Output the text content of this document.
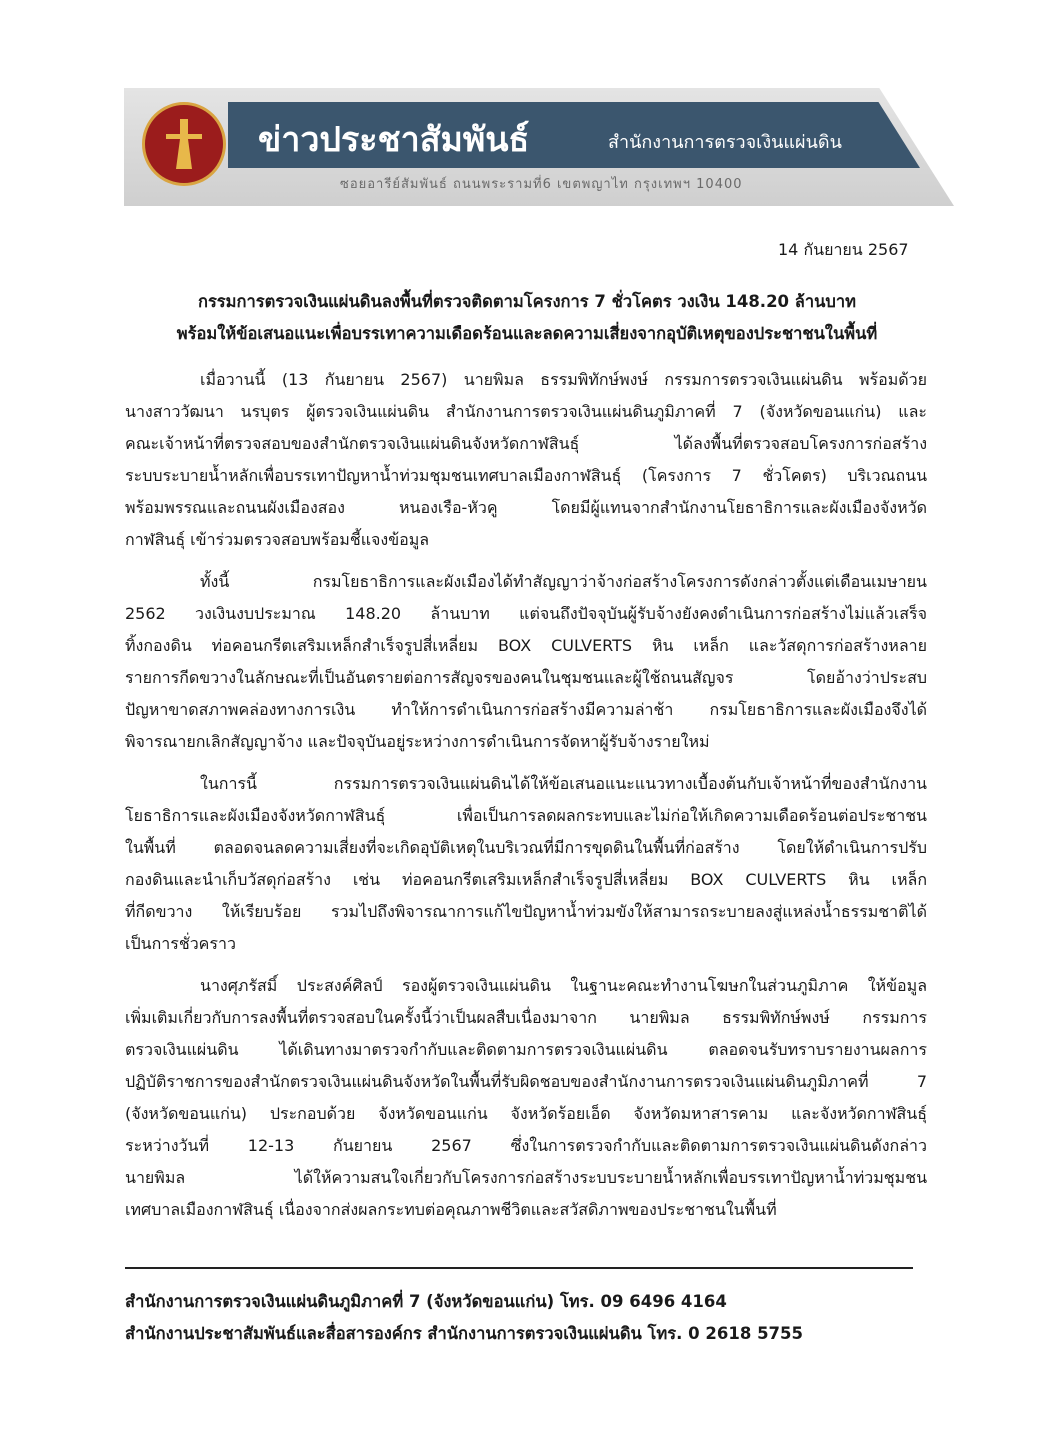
ข่าวประชาสัมพันธ์	สำนักงานการตรวจเงินแผ่นดิน
ซอยอารีย์สัมพันธ์ ถนนพระรามที่6 เขตพญาไท กรุงเทพฯ 10400
14 กันยายน 2567
กรรมการตรวจเงินแผ่นดินลงพื้นที่ตรวจติดตามโครงการ 7 ชั่วโคตร วงเงิน 148.20 ล้านบาท
พร้อมให้ข้อเสนอแนะเพื่อบรรเทาความเดือดร้อนและลดความเสี่ยงจากอุบัติเหตุของประชาชนในพื้นที่
เมื่อวานนี้ (13 กันยายน 2567) นายพิมล ธรรมพิทักษ์พงษ์ กรรมการตรวจเงินแผ่นดิน พร้อมด้วย
นางสาววัฒนา นรบุตร ผู้ตรวจเงินแผ่นดิน สำนักงานการตรวจเงินแผ่นดินภูมิภาคที่ 7 (จังหวัดขอนแก่น) และ
คณะเจ้าหน้าที่ตรวจสอบของสำนักตรวจเงินแผ่นดินจังหวัดกาฬสินธุ์ ได้ลงพื้นที่ตรวจสอบโครงการก่อสร้าง
ระบบระบายน้ำหลักเพื่อบรรเทาปัญหาน้ำท่วมชุมชนเทศบาลเมืองกาฬสินธุ์ (โครงการ 7 ชั่วโคตร) บริเวณถนน
พร้อมพรรณและถนนผังเมืองสอง หนองเรือ-หัวคู โดยมีผู้แทนจากสำนักงานโยธาธิการและผังเมืองจังหวัด
กาฬสินธุ์ เข้าร่วมตรวจสอบพร้อมชี้แจงข้อมูล
ทั้งนี้ กรมโยธาธิการและผังเมืองได้ทำสัญญาว่าจ้างก่อสร้างโครงการดังกล่าวตั้งแต่เดือนเมษายน
2562 วงเงินงบประมาณ 148.20 ล้านบาท แต่จนถึงปัจจุบันผู้รับจ้างยังคงดำเนินการก่อสร้างไม่แล้วเสร็จ
ทิ้งกองดิน ท่อคอนกรีตเสริมเหล็กสำเร็จรูปสี่เหลี่ยม BOX CULVERTS หิน เหล็ก และวัสดุการก่อสร้างหลาย
รายการกีดขวางในลักษณะที่เป็นอันตรายต่อการสัญจรของคนในชุมชนและผู้ใช้ถนนสัญจร โดยอ้างว่าประสบ
ปัญหาขาดสภาพคล่องทางการเงิน ทำให้การดำเนินการก่อสร้างมีความล่าช้า กรมโยธาธิการและผังเมืองจึงได้
พิจารณายกเลิกสัญญาจ้าง และปัจจุบันอยู่ระหว่างการดำเนินการจัดหาผู้รับจ้างรายใหม่
ในการนี้ กรรมการตรวจเงินแผ่นดินได้ให้ข้อเสนอแนะแนวทางเบื้องต้นกับเจ้าหน้าที่ของสำนักงาน
โยธาธิการและผังเมืองจังหวัดกาฬสินธุ์ เพื่อเป็นการลดผลกระทบและไม่ก่อให้เกิดความเดือดร้อนต่อประชาชน
ในพื้นที่ ตลอดจนลดความเสี่ยงที่จะเกิดอุบัติเหตุในบริเวณที่มีการขุดดินในพื้นที่ก่อสร้าง โดยให้ดำเนินการปรับ
กองดินและนำเก็บวัสดุก่อสร้าง เช่น ท่อคอนกรีตเสริมเหล็กสำเร็จรูปสี่เหลี่ยม BOX CULVERTS หิน เหล็ก
ที่กีดขวาง ให้เรียบร้อย รวมไปถึงพิจารณาการแก้ไขปัญหาน้ำท่วมขังให้สามารถระบายลงสู่แหล่งน้ำธรรมชาติได้
เป็นการชั่วคราว
นางศุภรัสมิ์ ประสงค์ศิลป์ รองผู้ตรวจเงินแผ่นดิน ในฐานะคณะทำงานโฆษกในส่วนภูมิภาค ให้ข้อมูล
เพิ่มเติมเกี่ยวกับการลงพื้นที่ตรวจสอบในครั้งนี้ว่าเป็นผลสืบเนื่องมาจาก นายพิมล ธรรมพิทักษ์พงษ์ กรรมการ
ตรวจเงินแผ่นดิน ได้เดินทางมาตรวจกำกับและติดตามการตรวจเงินแผ่นดิน ตลอดจนรับทราบรายงานผลการ
ปฏิบัติราชการของสำนักตรวจเงินแผ่นดินจังหวัดในพื้นที่รับผิดชอบของสำนักงานการตรวจเงินแผ่นดินภูมิภาคที่ 7
(จังหวัดขอนแก่น) ประกอบด้วย จังหวัดขอนแก่น จังหวัดร้อยเอ็ด จังหวัดมหาสารคาม และจังหวัดกาฬสินธุ์
ระหว่างวันที่ 12-13 กันยายน 2567 ซึ่งในการตรวจกำกับและติดตามการตรวจเงินแผ่นดินดังกล่าว
นายพิมล ได้ให้ความสนใจเกี่ยวกับโครงการก่อสร้างระบบระบายน้ำหลักเพื่อบรรเทาปัญหาน้ำท่วมชุมชน
เทศบาลเมืองกาฬสินธุ์ เนื่องจากส่งผลกระทบต่อคุณภาพชีวิตและสวัสดิภาพของประชาชนในพื้นที่
สำนักงานการตรวจเงินแผ่นดินภูมิภาคที่ 7 (จังหวัดขอนแก่น) โทร. 09 6496 4164
สำนักงานประชาสัมพันธ์และสื่อสารองค์กร สำนักงานการตรวจเงินแผ่นดิน โทร. 0 2618 5755
